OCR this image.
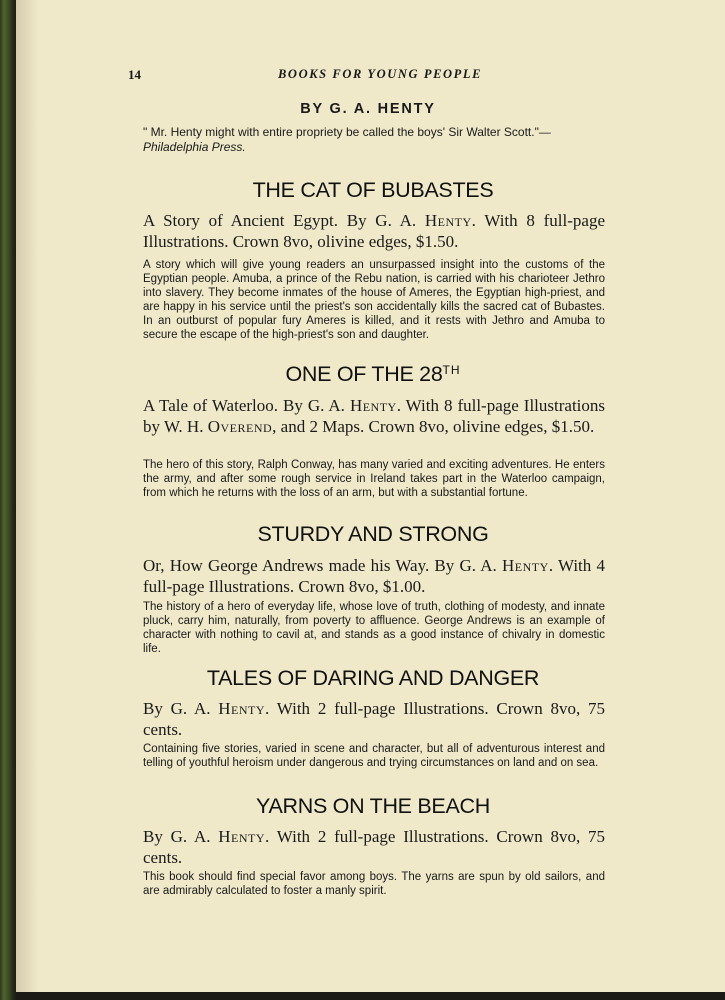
14	BOOKS FOR YOUNG PEOPLE
BY G. A. HENTY
" Mr. Henty might with entire propriety be called the boys' Sir Walter Scott."—Philadelphia Press.
THE CAT OF BUBASTES
A Story of Ancient Egypt. By G. A. Henty. With 8 full-page Illustrations. Crown 8vo, olivine edges, $1.50.
A story which will give young readers an unsurpassed insight into the customs of the Egyptian people. Amuba, a prince of the Rebu nation, is carried with his charioteer Jethro into slavery. They become inmates of the house of Ameres, the Egyptian high-priest, and are happy in his service until the priest's son accidentally kills the sacred cat of Bubastes. In an outburst of popular fury Ameres is killed, and it rests with Jethro and Amuba to secure the escape of the high-priest's son and daughter.
ONE OF THE 28TH
A Tale of Waterloo. By G. A. Henty. With 8 full-page Illustrations by W. H. Overend, and 2 Maps. Crown 8vo, olivine edges, $1.50.
The hero of this story, Ralph Conway, has many varied and exciting adventures. He enters the army, and after some rough service in Ireland takes part in the Waterloo campaign, from which he returns with the loss of an arm, but with a substantial fortune.
STURDY AND STRONG
Or, How George Andrews made his Way. By G. A. Henty. With 4 full-page Illustrations. Crown 8vo, $1.00.
The history of a hero of everyday life, whose love of truth, clothing of modesty, and innate pluck, carry him, naturally, from poverty to affluence. George Andrews is an example of character with nothing to cavil at, and stands as a good instance of chivalry in domestic life.
TALES OF DARING AND DANGER
By G. A. Henty. With 2 full-page Illustrations. Crown 8vo, 75 cents.
Containing five stories, varied in scene and character, but all of adventurous interest and telling of youthful heroism under dangerous and trying circumstances on land and on sea.
YARNS ON THE BEACH
By G. A. Henty. With 2 full-page Illustrations. Crown 8vo, 75 cents.
This book should find special favor among boys. The yarns are spun by old sailors, and are admirably calculated to foster a manly spirit.
